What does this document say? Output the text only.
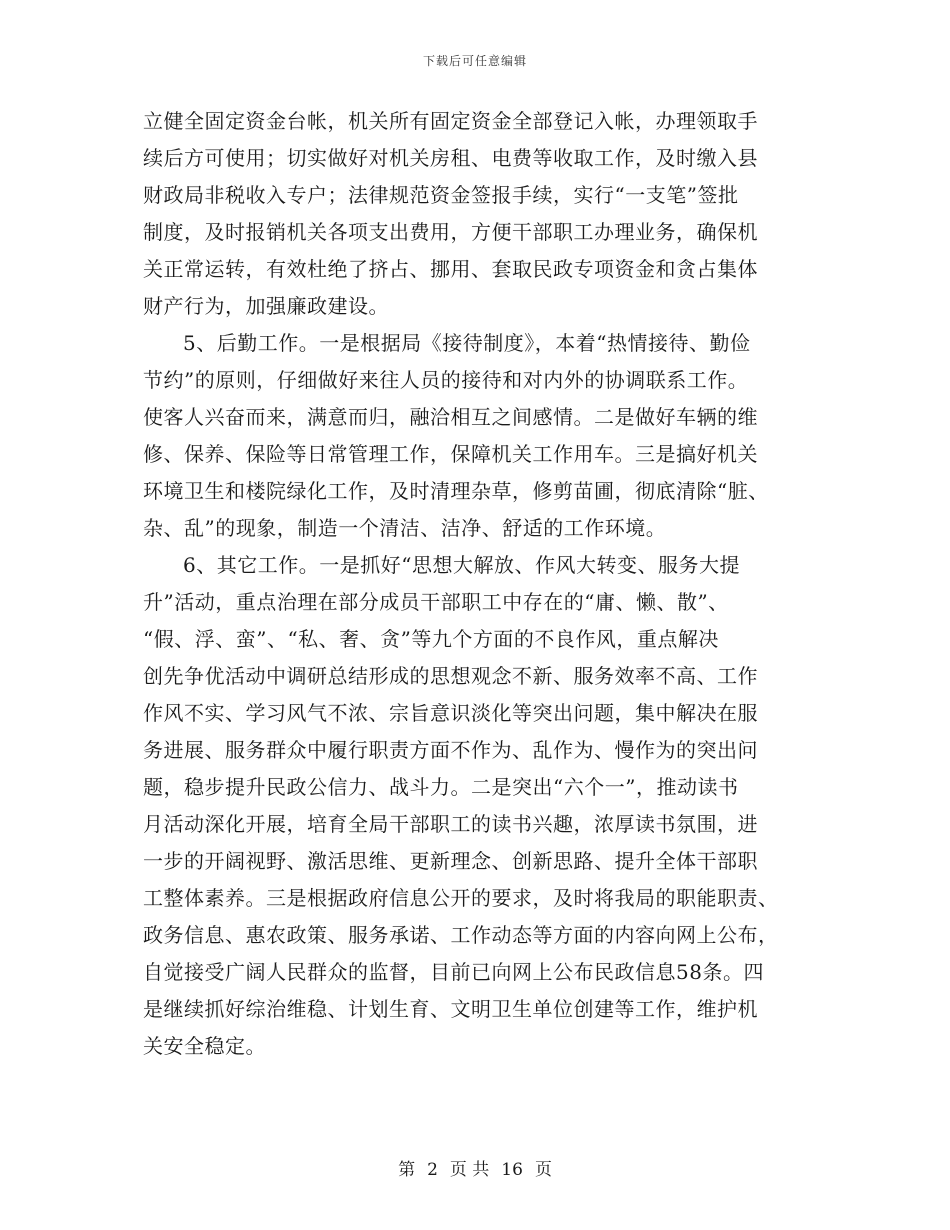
下载后可任意编辑
立健全固定资金台帐，机关所有固定资金全部登记入帐，办理领取手
续后方可使用；切实做好对机关房租、电费等收取工作，及时缴入县
财政局非税收入专户；法律规范资金签报手续，实行“一支笔”签批
制度，及时报销机关各项支出费用，方便干部职工办理业务，确保机
关正常运转，有效杜绝了挤占、挪用、套取民政专项资金和贪占集体
财产行为，加强廉政建设。
5、后勤工作。一是根据局《接待制度》，本着“热情接待、勤俭
节约”的原则，仔细做好来往人员的接待和对内外的协调联系工作。
使客人兴奋而来，满意而归，融洽相互之间感情。二是做好车辆的维
修、保养、保险等日常管理工作，保障机关工作用车。三是搞好机关
环境卫生和楼院绿化工作，及时清理杂草，修剪苗圃，彻底清除“脏、
杂、乱”的现象，制造一个清洁、洁净、舒适的工作环境。
6、其它工作。一是抓好“思想大解放、作风大转变、服务大提
升”活动，重点治理在部分成员干部职工中存在的“庸、懒、散”、
“假、浮、蛮”、“私、奢、贪”等九个方面的不良作风，重点解决
创先争优活动中调研总结形成的思想观念不新、服务效率不高、工作
作风不实、学习风气不浓、宗旨意识淡化等突出问题，集中解决在服
务进展、服务群众中履行职责方面不作为、乱作为、慢作为的突出问
题，稳步提升民政公信力、战斗力。二是突出“六个一”，推动读书
月活动深化开展，培育全局干部职工的读书兴趣，浓厚读书氛围，进
一步的开阔视野、激活思维、更新理念、创新思路、提升全体干部职
工整体素养。三是根据政府信息公开的要求，及时将我局的职能职责、
政务信息、惠农政策、服务承诺、工作动态等方面的内容向网上公布，
自觉接受广阔人民群众的监督，目前已向网上公布民政信息58条。四
是继续抓好综治维稳、计划生育、文明卫生单位创建等工作，维护机
关安全稳定。
第 2 页 共 16 页
